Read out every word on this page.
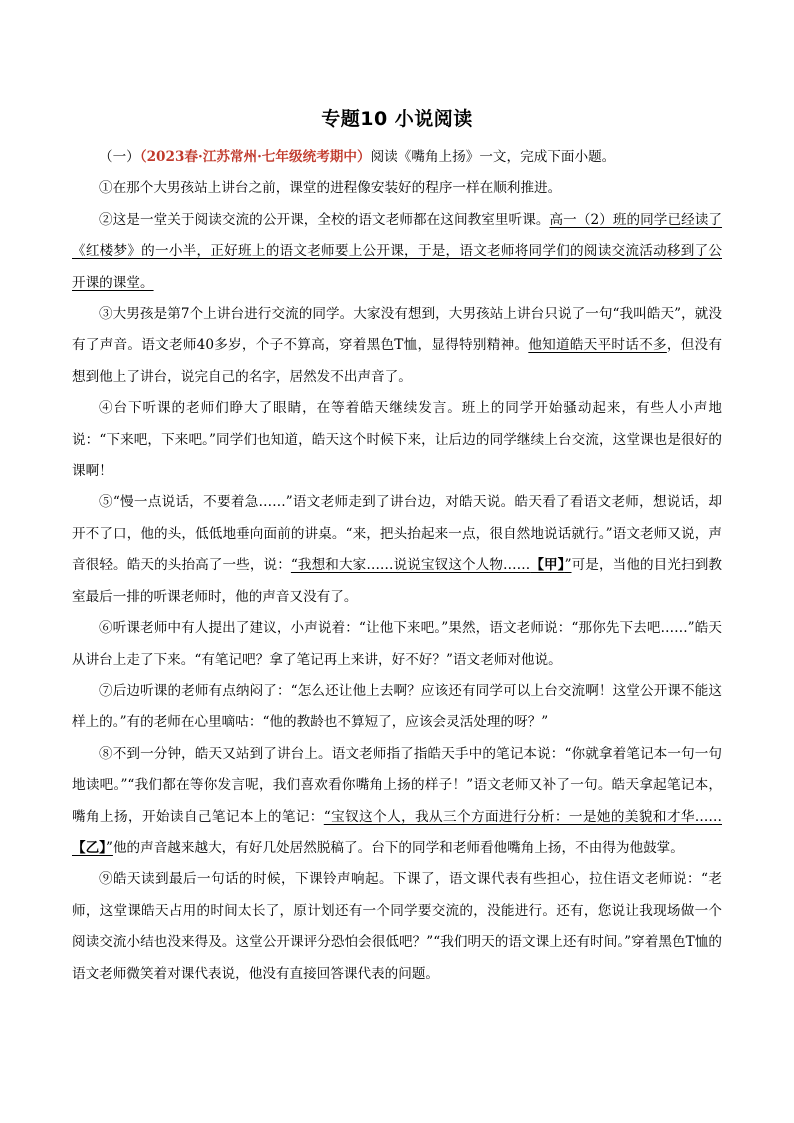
专题10 小说阅读

（一）（2023春·江苏常州·七年级统考期中）阅读《嘴角上扬》一文，完成下面小题。

①在那个大男孩站上讲台之前，课堂的进程像安装好的程序一样在顺利推进。

②这是一堂关于阅读交流的公开课，全校的语文老师都在这间教室里听课。高一（2）班的同学已经读了《红楼梦》的一小半，正好班上的语文老师要上公开课，于是，语文老师将同学们的阅读交流活动移到了公开课的课堂。

③大男孩是第7个上讲台进行交流的同学。大家没有想到，大男孩站上讲台只说了一句“我叫皓天”，就没有了声音。语文老师40多岁，个子不算高，穿着黑色T恤，显得特别精神。他知道皓天平时话不多，但没有想到他上了讲台，说完自己的名字，居然发不出声音了。

④台下听课的老师们睁大了眼睛，在等着皓天继续发言。班上的同学开始骚动起来，有些人小声地说：“下来吧，下来吧。”同学们也知道，皓天这个时候下来，让后边的同学继续上台交流，这堂课也是很好的课啊！

⑤“慢一点说话，不要着急……”语文老师走到了讲台边，对皓天说。皓天看了看语文老师，想说话，却开不了口，他的头，低低地垂向面前的讲桌。“来，把头抬起来一点，很自然地说话就行。”语文老师又说，声音很轻。皓天的头抬高了一些，说：“我想和大家……说说宝钗这个人物……【甲】”可是，当他的目光扫到教室最后一排的听课老师时，他的声音又没有了。

⑥听课老师中有人提出了建议，小声说着：“让他下来吧。”果然，语文老师说：“那你先下去吧……”皓天从讲台上走了下来。“有笔记吧？拿了笔记再上来讲，好不好？”语文老师对他说。

⑦后边听课的老师有点纳闷了：“怎么还让他上去啊？应该还有同学可以上台交流啊！这堂公开课不能这样上的。”有的老师在心里嘀咕：“他的教龄也不算短了，应该会灵活处理的呀？”

⑧不到一分钟，皓天又站到了讲台上。语文老师指了指皓天手中的笔记本说：“你就拿着笔记本一句一句地读吧。”“我们都在等你发言呢，我们喜欢看你嘴角上扬的样子！”语文老师又补了一句。皓天拿起笔记本，嘴角上扬，开始读自己笔记本上的笔记：“宝钗这个人，我从三个方面进行分析：一是她的美貌和才华……【乙】”他的声音越来越大，有好几处居然脱稿了。台下的同学和老师看他嘴角上扬，不由得为他鼓掌。

⑨皓天读到最后一句话的时候，下课铃声响起。下课了，语文课代表有些担心，拉住语文老师说：“老师，这堂课皓天占用的时间太长了，原计划还有一个同学要交流的，没能进行。还有，您说让我现场做一个阅读交流小结也没来得及。这堂公开课评分恐怕会很低吧？”“我们明天的语文课上还有时间。”穿着黑色T恤的语文老师微笑着对课代表说，他没有直接回答课代表的问题。
